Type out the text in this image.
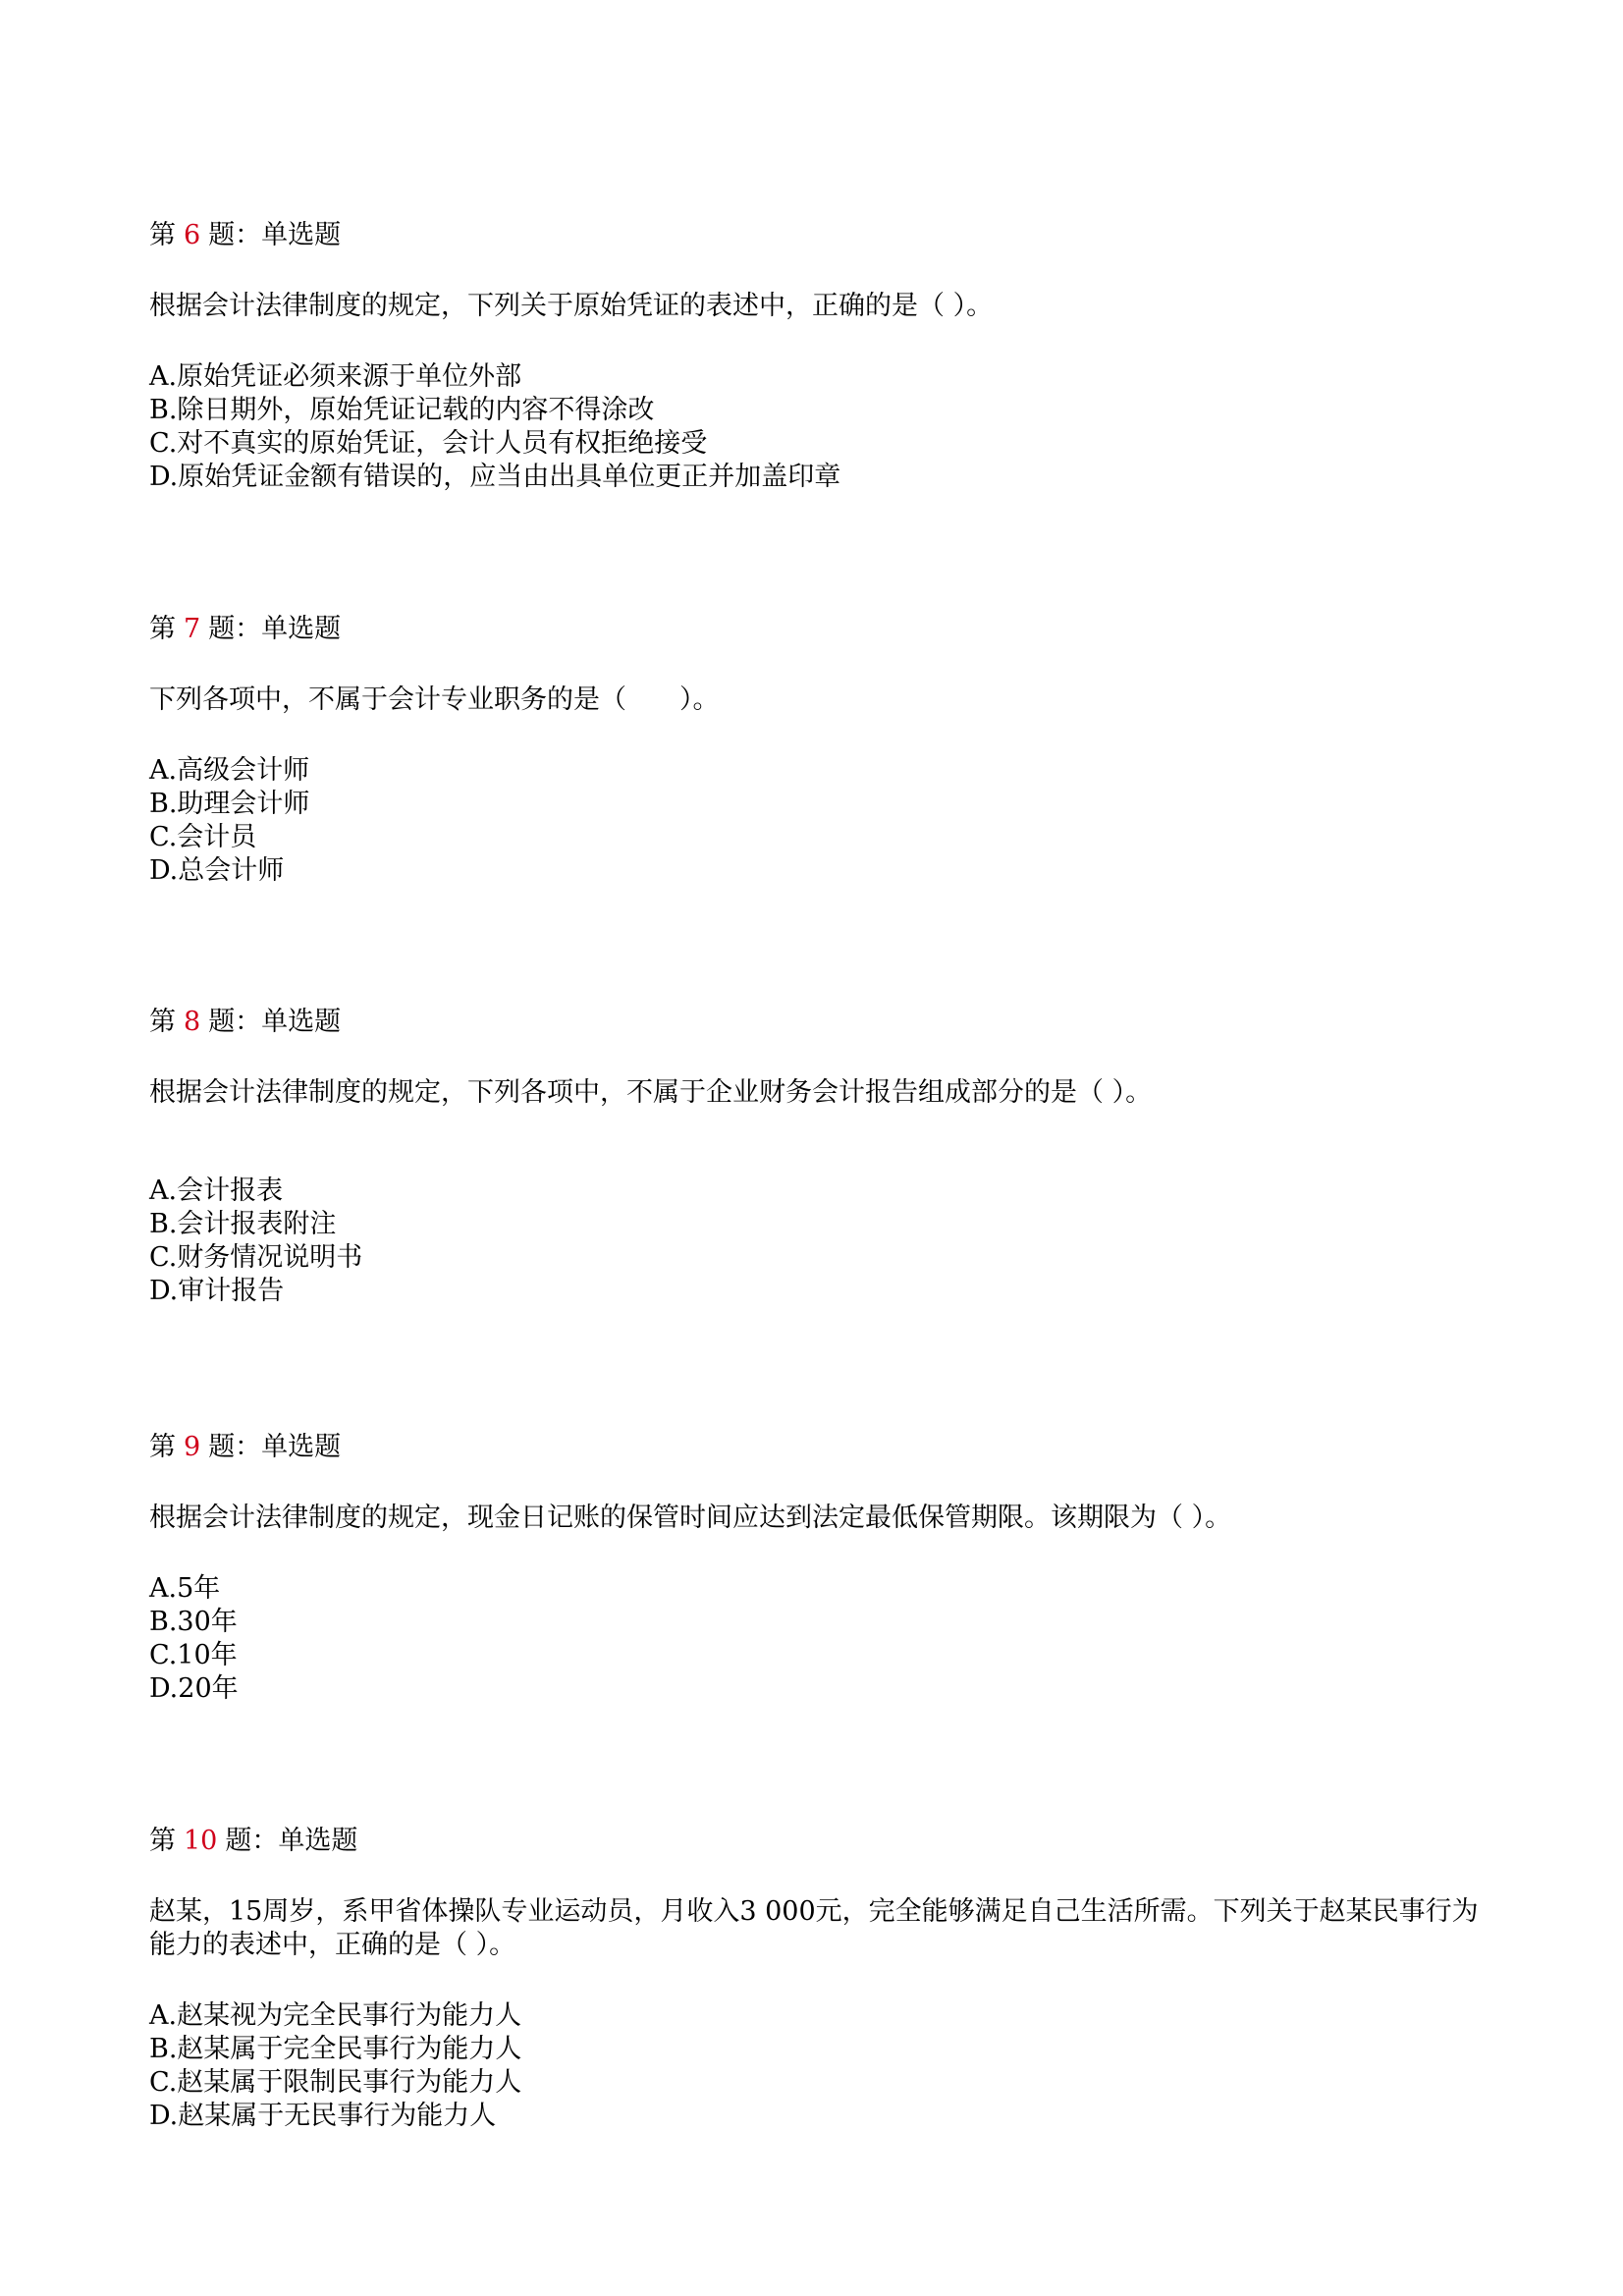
第 6 题：单选题
根据会计法律制度的规定，下列关于原始凭证的表述中，正确的是（ ）。
A.原始凭证必须来源于单位外部
B.除日期外，原始凭证记载的内容不得涂改
C.对不真实的原始凭证，会计人员有权拒绝接受
D.原始凭证金额有错误的，应当由出具单位更正并加盖印章
第 7 题：单选题
下列各项中，不属于会计专业职务的是（　　）。
A.高级会计师
B.助理会计师
C.会计员
D.总会计师
第 8 题：单选题
根据会计法律制度的规定，下列各项中，不属于企业财务会计报告组成部分的是（ ）。
A.会计报表
B.会计报表附注
C.财务情况说明书
D.审计报告
第 9 题：单选题
根据会计法律制度的规定，现金日记账的保管时间应达到法定最低保管期限。该期限为（ ）。
A.5年
B.30年
C.10年
D.20年
第 10 题：单选题
赵某，15周岁，系甲省体操队专业运动员，月收入3 000元，完全能够满足自己生活所需。下列关于赵某民事行为能力的表述中，正确的是（ ）。
A.赵某视为完全民事行为能力人
B.赵某属于完全民事行为能力人
C.赵某属于限制民事行为能力人
D.赵某属于无民事行为能力人
